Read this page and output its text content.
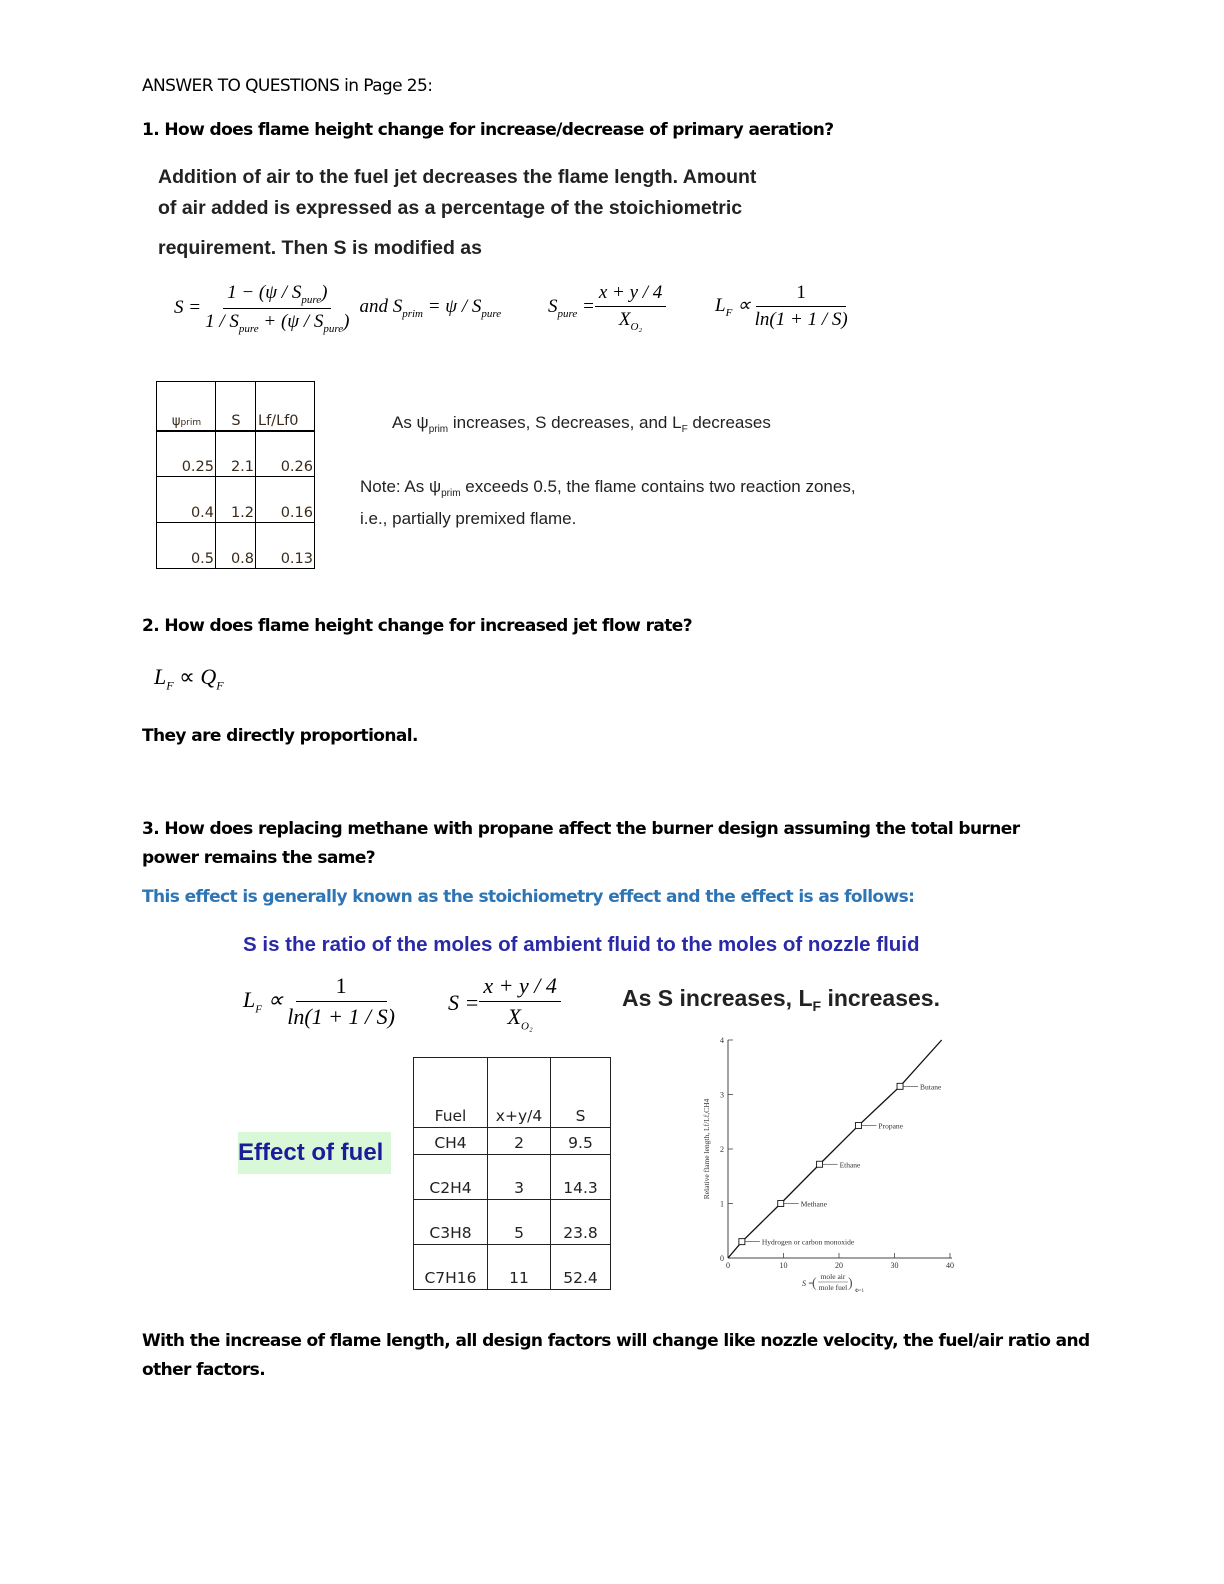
ANSWER TO QUESTIONS in Page 25:
1. How does flame height change for increase/decrease of primary aeration?
Addition of air to the fuel jet decreases the flame length. Amount
of air added is expressed as a percentage of the stoichiometric
requirement. Then S is modified as
$S = \frac{1 - (\psi / S_{pure})}{1 / S_{pure} + (\psi / S_{pure})}$ and $S_{prim} = \psi / S_{pure}$ $S_{pure} = \frac{x + y / 4}{X_{O_2}}$	$L_F \propto \frac{1}{\ln(1 + 1 / S)}$
ψprim	S	Lf/Lf0
0.25	2.1	0.26
0.4	1.2	0.16
0.5	0.8	0.13
As $\psi_{prim}$ increases, S decreases, and $L_F$ decreases
Note: As $\psi_{prim}$ exceeds 0.5, the flame contains two reaction zones, i.e., partially premixed flame.
2. How does flame height change for increased jet flow rate?
$L_F \propto Q_F$
They are directly proportional.
3. How does replacing methane with propane affect the burner design assuming the total burner power remains the same?
This effect is generally known as the stoichiometry effect and the effect is as follows:
S is the ratio of the moles of ambient fluid to the moles of nozzle fluid
$L_F \propto \frac{1}{\ln(1 + 1 / S)}$ $S = \frac{x + y / 4}{X_{O_2}}$	As S increases, $L_F$ increases.
Effect of fuel
Fuel	x+y/4	S
CH4	2	9.5
C2H4	3	14.3
C3H8	5	23.8
C7H16	11	52.4
0
1
2
3
4
0	10	20	30	40
Relative flame length, Lf/Lf,CH4
S =
( mole air
mole fuel )
Φ=1
Hydrogen or carbon monoxide
Methane
Ethane
Propane
Butane
With the increase of flame length, all design factors will change like nozzle velocity, the fuel/air ratio and other factors.
